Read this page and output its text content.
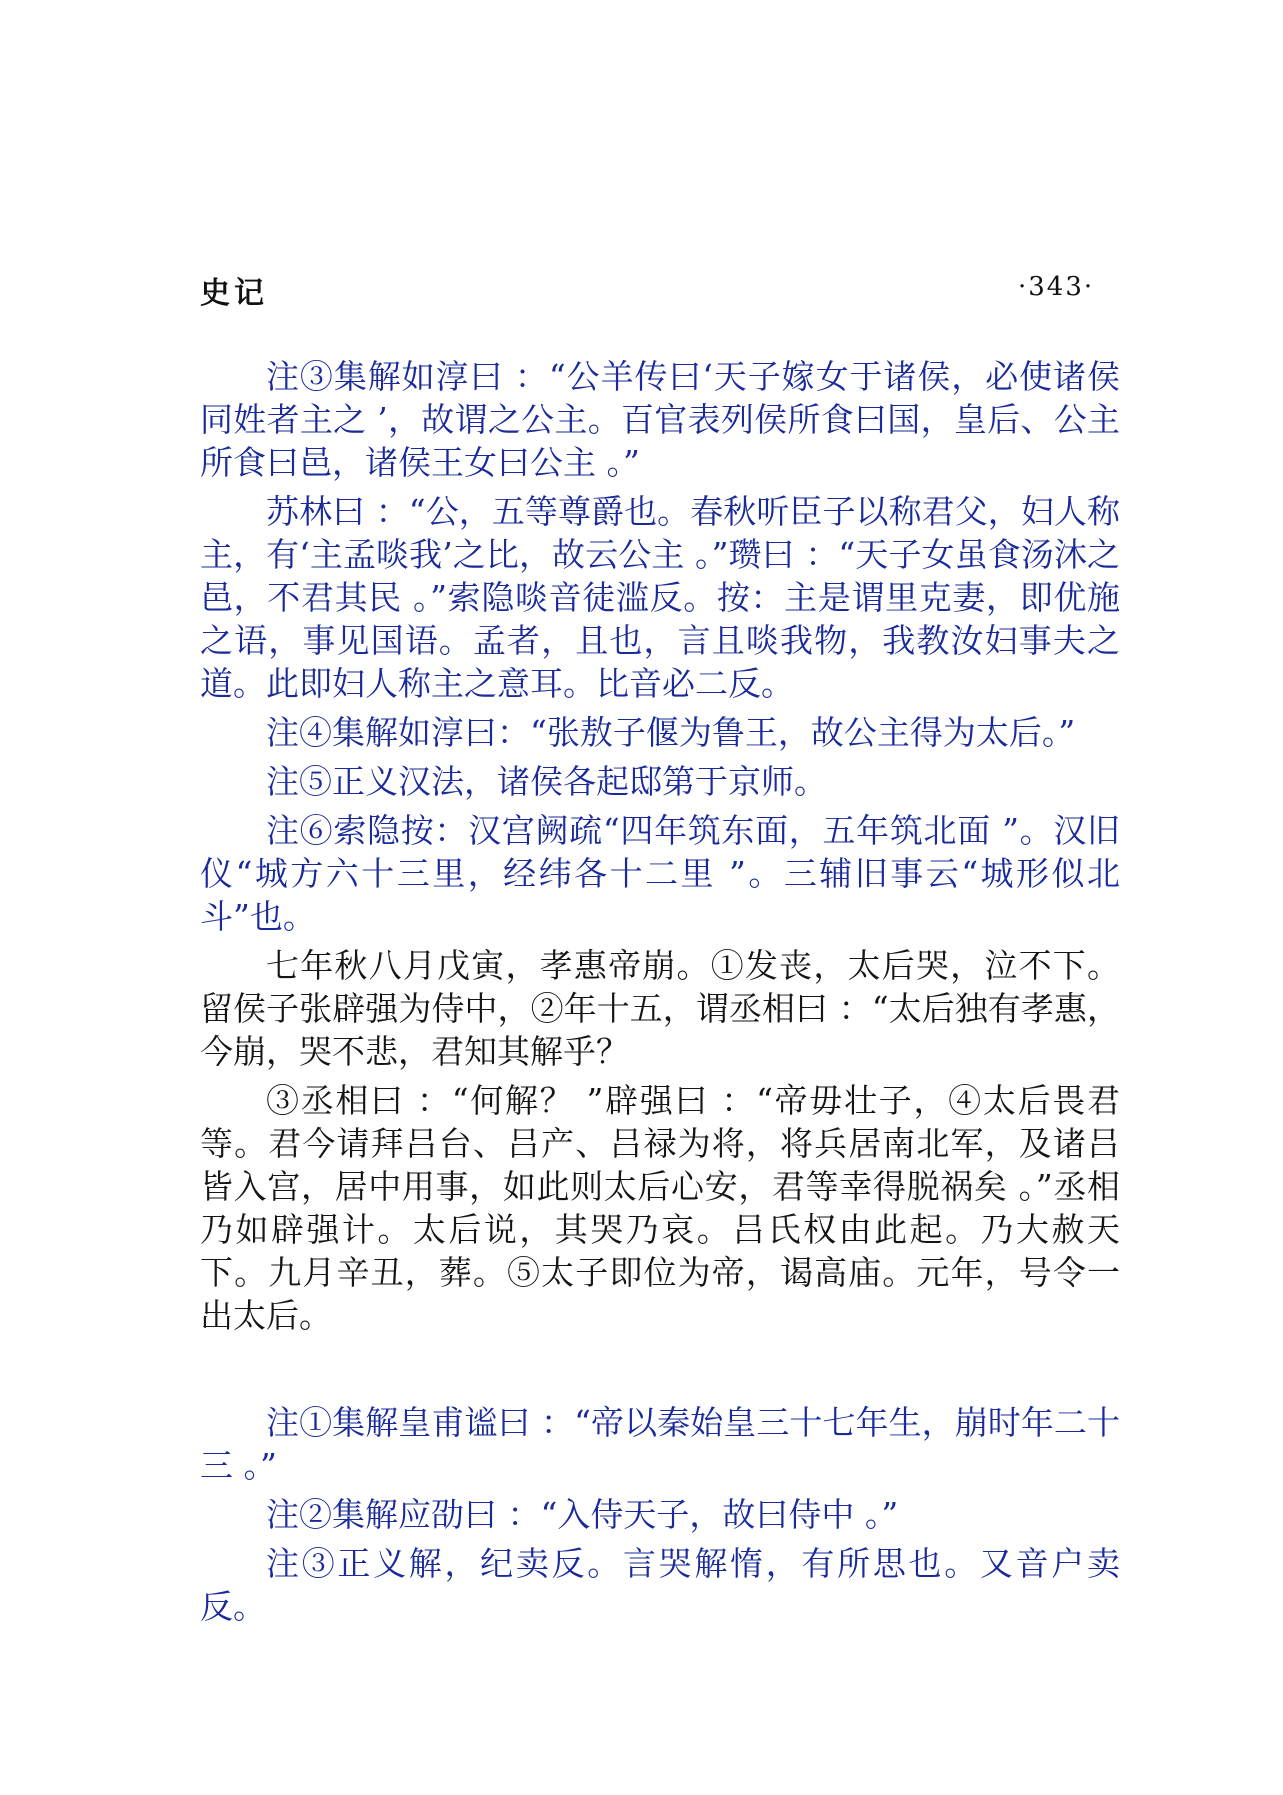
史记	·343·

注③集解如淳曰 ：“公羊传曰‘天子嫁女于诸侯，必使诸侯同姓者主之 ’，故谓之公主。百官表列侯所食曰国，皇后、公主所食曰邑，诸侯王女曰公主 。”

苏林曰 ：“公，五等尊爵也。春秋听臣子以称君父，妇人称主，有‘主孟啖我’之比，故云公主 。”瓒曰 ：“天子女虽食汤沐之邑，不君其民 。”索隐啖音徒滥反。按：主是谓里克妻，即优施之语，事见国语。孟者，且也，言且啖我物，我教汝妇事夫之道。此即妇人称主之意耳。比音必二反。

注④集解如淳曰：“张敖子偃为鲁王，故公主得为太后。”

注⑤正义汉法，诸侯各起邸第于京师。

注⑥索隐按：汉宫阙疏“四年筑东面，五年筑北面 ”。汉旧仪“城方六十三里，经纬各十二里 ”。三辅旧事云“城形似北斗”也。

七年秋八月戊寅，孝惠帝崩。①发丧，太后哭，泣不下。留侯子张辟强为侍中，②年十五，谓丞相曰 ：“太后独有孝惠，今崩，哭不悲，君知其解乎？

③丞相曰 ：“何解？ ”辟强曰 ：“帝毋壮子，④太后畏君等。君今请拜吕台、吕产、吕禄为将，将兵居南北军，及诸吕皆入宫，居中用事，如此则太后心安，君等幸得脱祸矣 。”丞相乃如辟强计。太后说，其哭乃哀。吕氏权由此起。乃大赦天下。九月辛丑，葬。⑤太子即位为帝，谒高庙。元年，号令一出太后。

注①集解皇甫谧曰 ：“帝以秦始皇三十七年生，崩时年二十三 。”

注②集解应劭曰 ：“入侍天子，故曰侍中 。”

注③正义解，纪卖反。言哭解惰，有所思也。又音户卖反。
